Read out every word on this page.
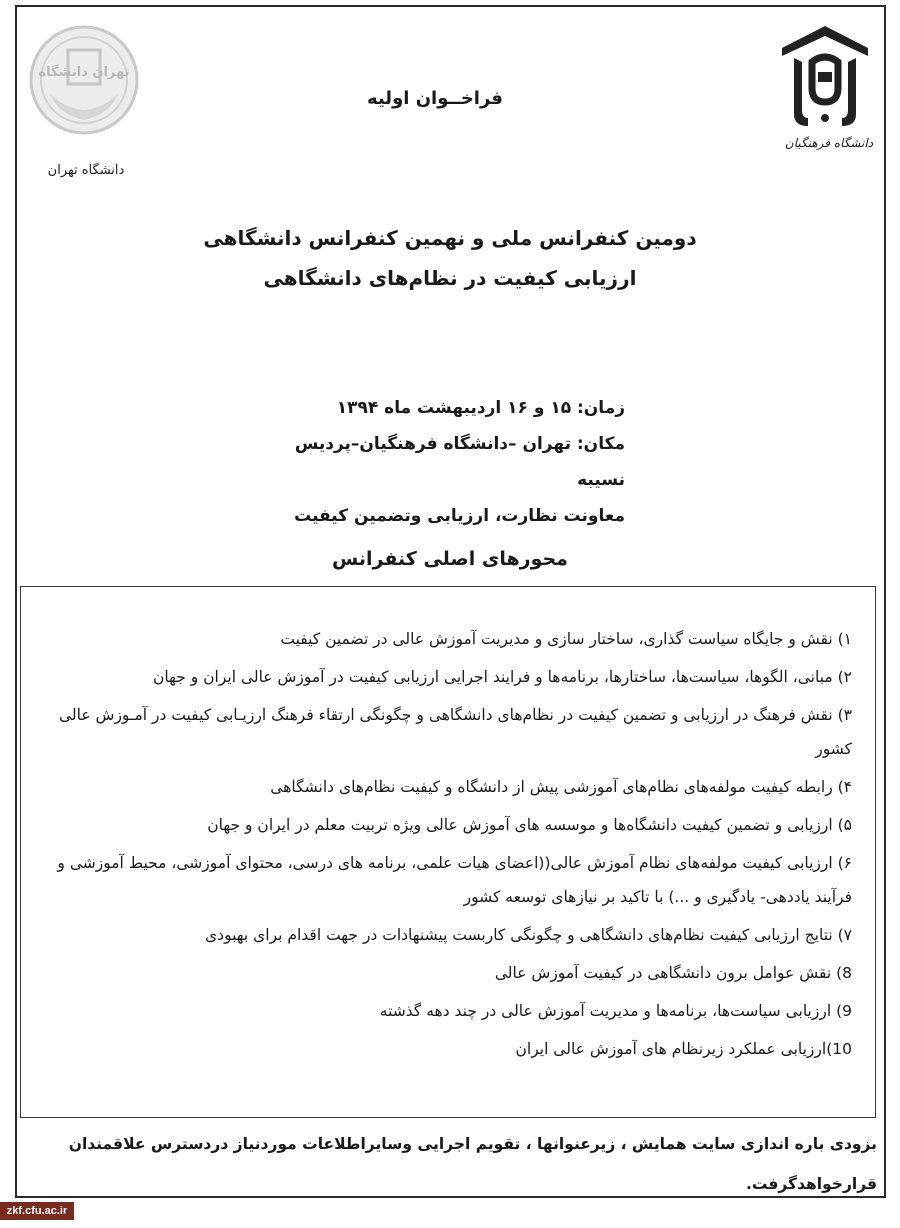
دانشگاه فرهنگیان
تهران دانشگاه
دانشگاه تهران
فراخــوان اولیه
دومین کنفرانس ملی و نهمین کنفرانس دانشگاهی
ارزیابی کیفیت در نظام‌های دانشگاهی
زمان: ۱۵ و ۱۶ اردیبهشت ماه ۱۳۹۴
مکان: تهران –دانشگاه فرهنگیان–پردیس نسیبه
معاونت نظارت، ارزیابی وتضمین کیفیت
محورهای اصلی کنفرانس
۱) نقش و جایگاه سیاست گذاری، ساختار سازی و مدیریت آموزش عالی در تضمین کیفیت
۲) مبانی، الگوها، سیاست‌ها، ساختارها، برنامه‌ها و فرایند اجرایی ارزیابی کیفیت در آموزش عالی ایران و جهان
۳) نقش فرهنگ در ارزیابی و تضمین کیفیت در نظام‌های دانشگاهی و چگونگی ارتقاء فرهنگ ارزیـابی کیفیت در آمـوزش عالی کشور
۴) رابطه کیفیت مولفه‌های نظام‌های آموزشی پیش از دانشگاه و کیفیت نظام‌های دانشگاهی
۵) ارزیابی و تضمین کیفیت دانشگاه‌ها و موسسه های آموزش عالی ویژه تربیت معلم در ایران و جهان
۶) ارزیابی کیفیت مولفه‌های نظام آموزش عالی((اعضای هیات علمی، برنامه های درسی، محتوای آموزشی، محیط آموزشی و فرآیند یاددهی- یادگیری و ...) با تاکید بر نیازهای توسعه کشور
۷) نتایج ارزیابی کیفیت نظام‌های دانشگاهی و چگونگی کاربست پیشنهادات در جهت اقدام برای بهبودی
8) نقش عوامل برون دانشگاهی در کیفیت آموزش عالی
9) ارزیابی سیاست‌ها، برنامه‌ها و مدیریت آموزش عالی در چند دهه گذشته
10)ارزیابی عملکرد زیرنظام های آموزش عالی ایران
بزودی باره اندازی سایت همایش ، زیرعنوانها ، تقویم اجرایی وسایراطلاعات موردنیاز دردسترس علاقمندان قرارخواهدگرفت.
zkf.cfu.ac.ir
